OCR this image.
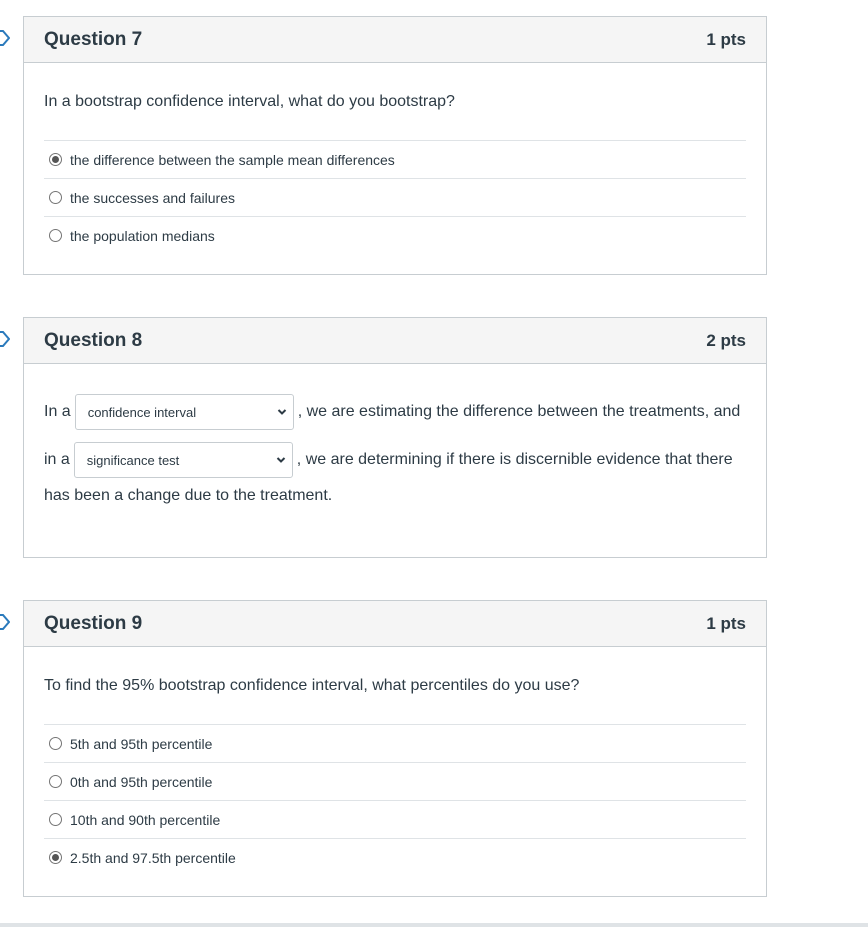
Question 7	1 pts
In a bootstrap confidence interval, what do you bootstrap?
the difference between the sample mean differences
the successes and failures
the population medians
Question 8	2 pts
In a confidence interval	, we are estimating the difference between the treatments, and
in a significance test	, we are determining if there is discernible evidence that there
has been a change due to the treatment.
Question 9	1 pts
To find the 95% bootstrap confidence interval, what percentiles do you use?
5th and 95th percentile
0th and 95th percentile
10th and 90th percentile
2.5th and 97.5th percentile
